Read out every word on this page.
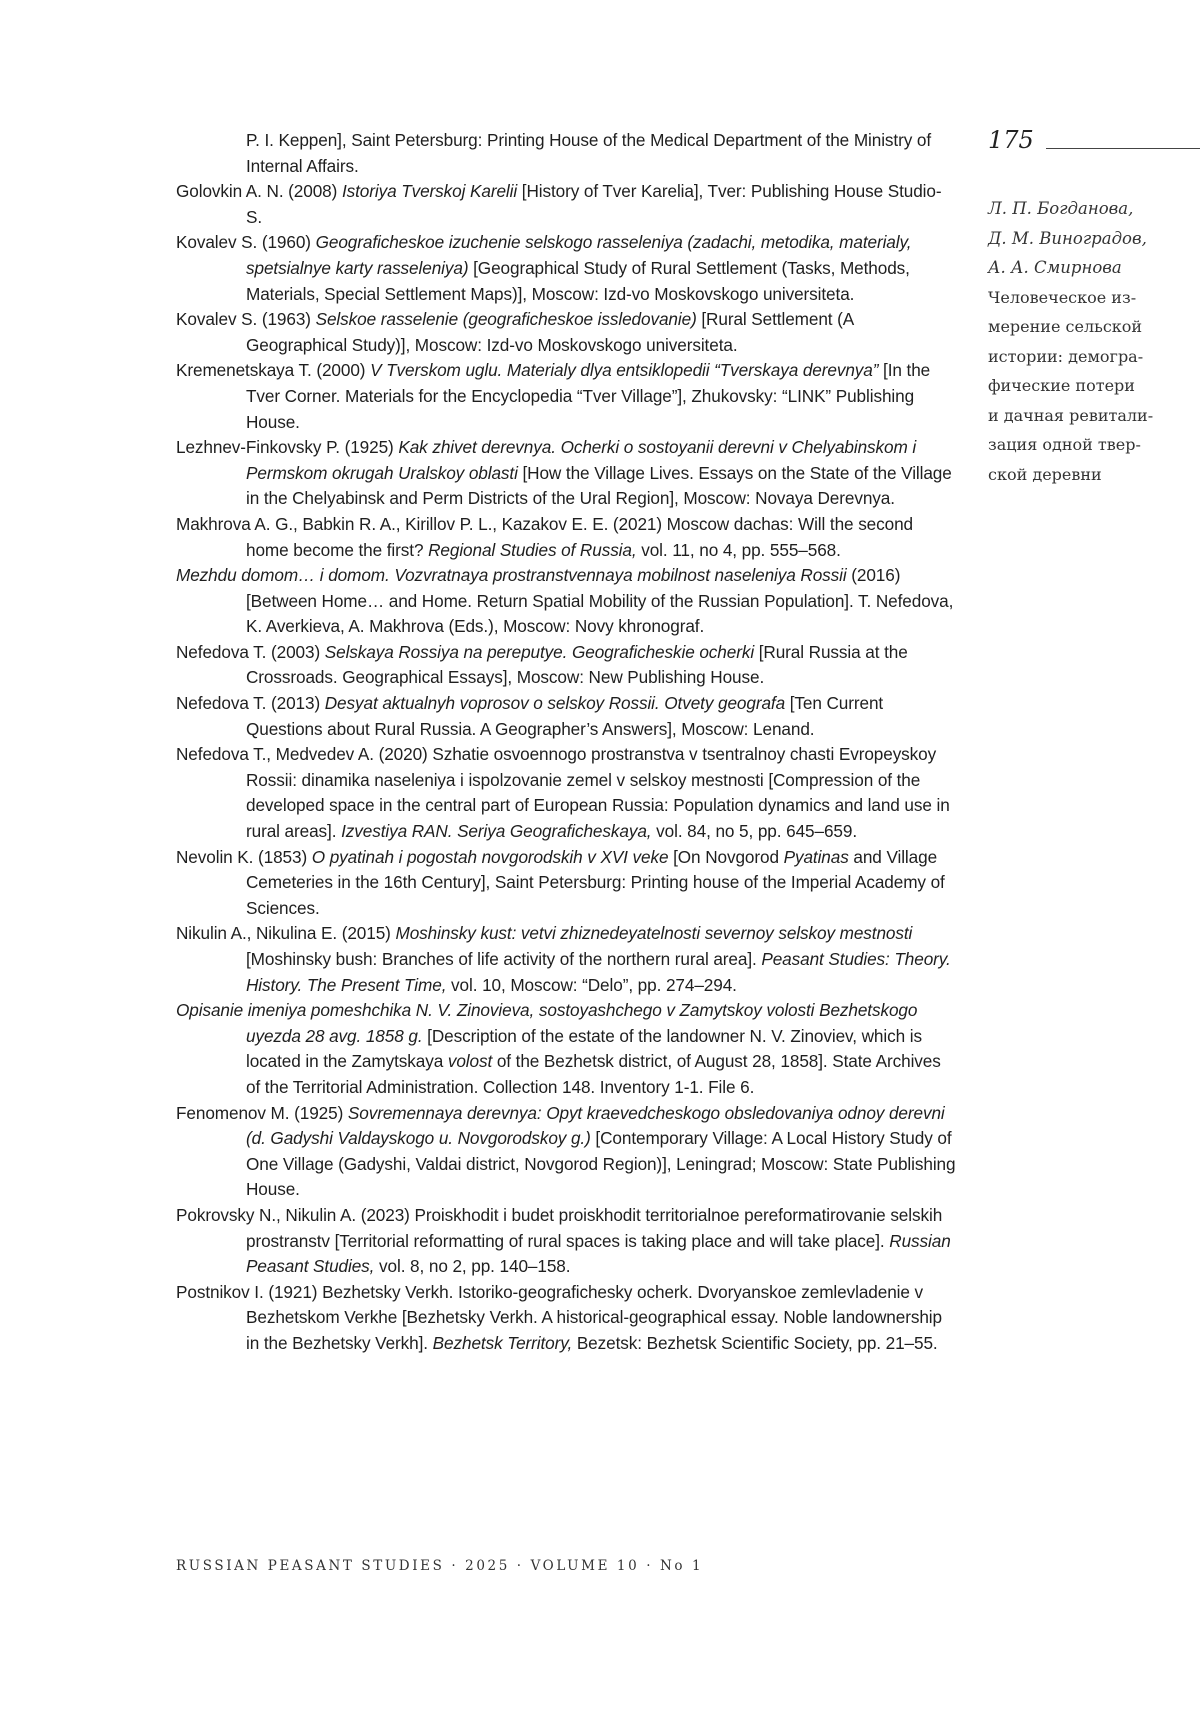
P. I. Keppen], Saint Petersburg: Printing House of the Medical Department of the Ministry of Internal Affairs.

Golovkin A. N. (2008) Istoriya Tverskoj Karelii [History of Tver Karelia], Tver: Publishing House Studio-S.

Kovalev S. (1960) Geograficheskoe izuchenie selskogo rasseleniya (zadachi, metodika, materialy, spetsialnye karty rasseleniya) [Geographical Study of Rural Settlement (Tasks, Methods, Materials, Special Settlement Maps)], Moscow: Izd-vo Moskovskogo universiteta.

Kovalev S. (1963) Selskoe rasselenie (geograficheskoe issledovanie) [Rural Settlement (A Geographical Study)], Moscow: Izd-vo Moskovskogo universiteta.

Kremenetskaya T. (2000) V Tverskom uglu. Materialy dlya entsiklopedii “Tverskaya derevnya” [In the Tver Corner. Materials for the Encyclopedia “Tver Village”], Zhukovsky: “LINK” Publishing House.

Lezhnev-Finkovsky P. (1925) Kak zhivet derevnya. Ocherki o sostoyanii derevni v Chelyabinskom i Permskom okrugah Uralskoy oblasti [How the Village Lives. Essays on the State of the Village in the Chelyabinsk and Perm Districts of the Ural Region], Moscow: Novaya Derevnya.

Makhrova A. G., Babkin R. A., Kirillov P. L., Kazakov E. E. (2021) Moscow dachas: Will the second home become the first? Regional Studies of Russia, vol. 11, no 4, pp. 555–568.

Mezhdu domom… i domom. Vozvratnaya prostranstvennaya mobilnost naseleniya Rossii (2016) [Between Home… and Home. Return Spatial Mobility of the Russian Population]. T. Nefedova, K. Averkieva, A. Makhrova (Eds.), Moscow: Novy khronograf.

Nefedova T. (2003) Selskaya Rossiya na pereputye. Geograficheskie ocherki [Rural Russia at the Crossroads. Geographical Essays], Moscow: New Publishing House.

Nefedova T. (2013) Desyat aktualnyh voprosov o selskoy Rossii. Otvety geografa [Ten Current Questions about Rural Russia. A Geographer’s Answers], Moscow: Lenand.

Nefedova T., Medvedev A. (2020) Szhatie osvoennogo prostranstva v tsentralnoy chasti Evropeyskoy Rossii: dinamika naseleniya i ispolzovanie zemel v selskoy mestnosti [Compression of the developed space in the central part of European Russia: Population dynamics and land use in rural areas]. Izvestiya RAN. Seriya Geograficheskaya, vol. 84, no 5, pp. 645–659.

Nevolin K. (1853) O pyatinah i pogostah novgorodskih v XVI veke [On Novgorod Pyatinas and Village Cemeteries in the 16th Century], Saint Petersburg: Printing house of the Imperial Academy of Sciences.

Nikulin A., Nikulina E. (2015) Moshinsky kust: vetvi zhiznedeyatelnosti severnoy selskoy mestnosti [Moshinsky bush: Branches of life activity of the northern rural area]. Peasant Studies: Theory. History. The Present Time, vol. 10, Moscow: “Delo”, pp. 274–294.

Opisanie imeniya pomeshchika N. V. Zinovieva, sostoyashchego v Zamytskoy volosti Bezhetskogo uyezda 28 avg. 1858 g. [Description of the estate of the landowner N. V. Zinoviev, which is located in the Zamytskaya volost of the Bezhetsk district, of August 28, 1858]. State Archives of the Territorial Administration. Collection 148. Inventory 1-1. File 6.

Fenomenov M. (1925) Sovremennaya derevnya: Opyt kraevedcheskogo obsledovaniya odnoy derevni (d. Gadyshi Valdayskogo u. Novgorodskoy g.) [Contemporary Village: A Local History Study of One Village (Gadyshi, Valdai district, Novgorod Region)], Leningrad; Moscow: State Publishing House.

Pokrovsky N., Nikulin A. (2023) Proiskhodit i budet proiskhodit territorialnoe pereformatirovanie selskih prostranstv [Territorial reformatting of rural spaces is taking place and will take place]. Russian Peasant Studies, vol. 8, no 2, pp. 140–158.

Postnikov I. (1921) Bezhetsky Verkh. Istoriko-geografichesky ocherk. Dvoryanskoe zemlevladenie v Bezhetskom Verkhe [Bezhetsky Verkh. A historical-geographical essay. Noble landownership in the Bezhetsky Verkh]. Bezhetsk Territory, Bezetsk: Bezhetsk Scientific Society, pp. 21–55.

175
Л. П. Богданова,
Д. М. Виноградов,
А. А. Смирнова
Человеческое из-
мерение сельской
истории: демогра-
фические потери
и дачная ревитали-
зация одной твер-
ской деревни
RUSSIAN PEASANT STUDIES · 2025 · VOLUME 10 · No 1
